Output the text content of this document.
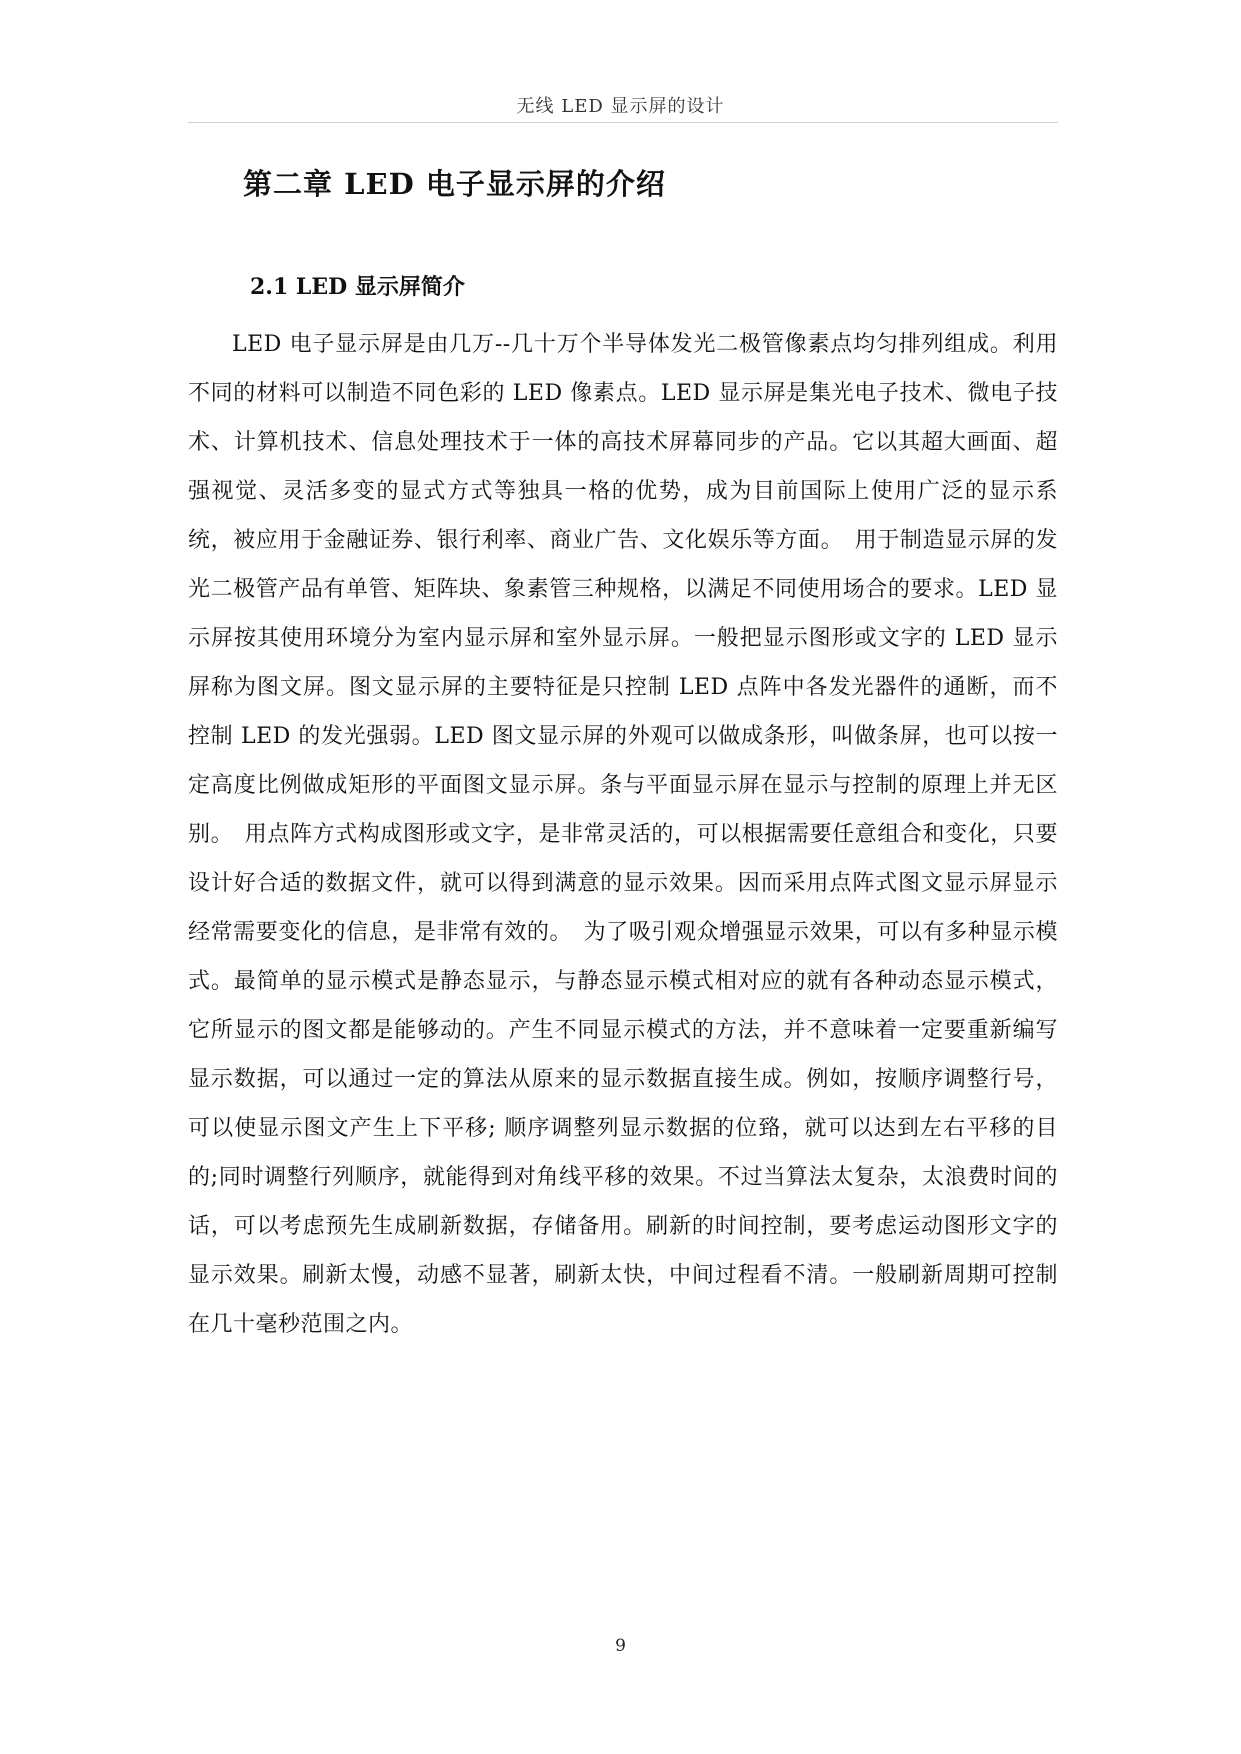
无线 LED 显示屏的设计
第二章 LED 电子显示屏的介绍
2.1 LED 显示屏简介

LED 电子显示屏是由几万--几十万个半导体发光二极管像素点均匀排列组成。利用不同的材料可以制造不同色彩的 LED 像素点。LED 显示屏是集光电子技术、微电子技术、计算机技术、信息处理技术于一体的高技术屏幕同步的产品。它以其超大画面、超强视觉、灵活多变的显式方式等独具一格的优势，成为目前国际上使用广泛的显示系统，被应用于金融证券、银行利率、商业广告、文化娱乐等方面。　用于制造显示屏的发光二极管产品有单管、矩阵块、象素管三种规格，以满足不同使用场合的要求。LED 显示屏按其使用环境分为室内显示屏和室外显示屏。一般把显示图形或文字的 LED 显示屏称为图文屏。图文显示屏的主要特征是只控制 LED 点阵中各发光器件的通断，而不控制 LED 的发光强弱。LED 图文显示屏的外观可以做成条形，叫做条屏，也可以按一定高度比例做成矩形的平面图文显示屏。条与平面显示屏在显示与控制的原理上并无区别。　用点阵方式构成图形或文字，是非常灵活的，可以根据需要任意组合和变化，只要设计好合适的数据文件，就可以得到满意的显示效果。因而采用点阵式图文显示屏显示经常需要变化的信息，是非常有效的。　为了吸引观众增强显示效果，可以有多种显示模式。最简单的显示模式是静态显示，与静态显示模式相对应的就有各种动态显示模式，它所显示的图文都是能够动的。产生不同显示模式的方法，并不意味着一定要重新编写显示数据，可以通过一定的算法从原来的显示数据直接生成。例如，按顺序调整行号，可以使显示图文产生上下平移; 顺序调整列显示数据的位臵，就可以达到左右平移的目的;同时调整行列顺序，就能得到对角线平移的效果。不过当算法太复杂，太浪费时间的话，可以考虑预先生成刷新数据，存储备用。刷新的时间控制，要考虑运动图形文字的显示效果。刷新太慢，动感不显著，刷新太快，中间过程看不清。一般刷新周期可控制在几十毫秒范围之内。

9
